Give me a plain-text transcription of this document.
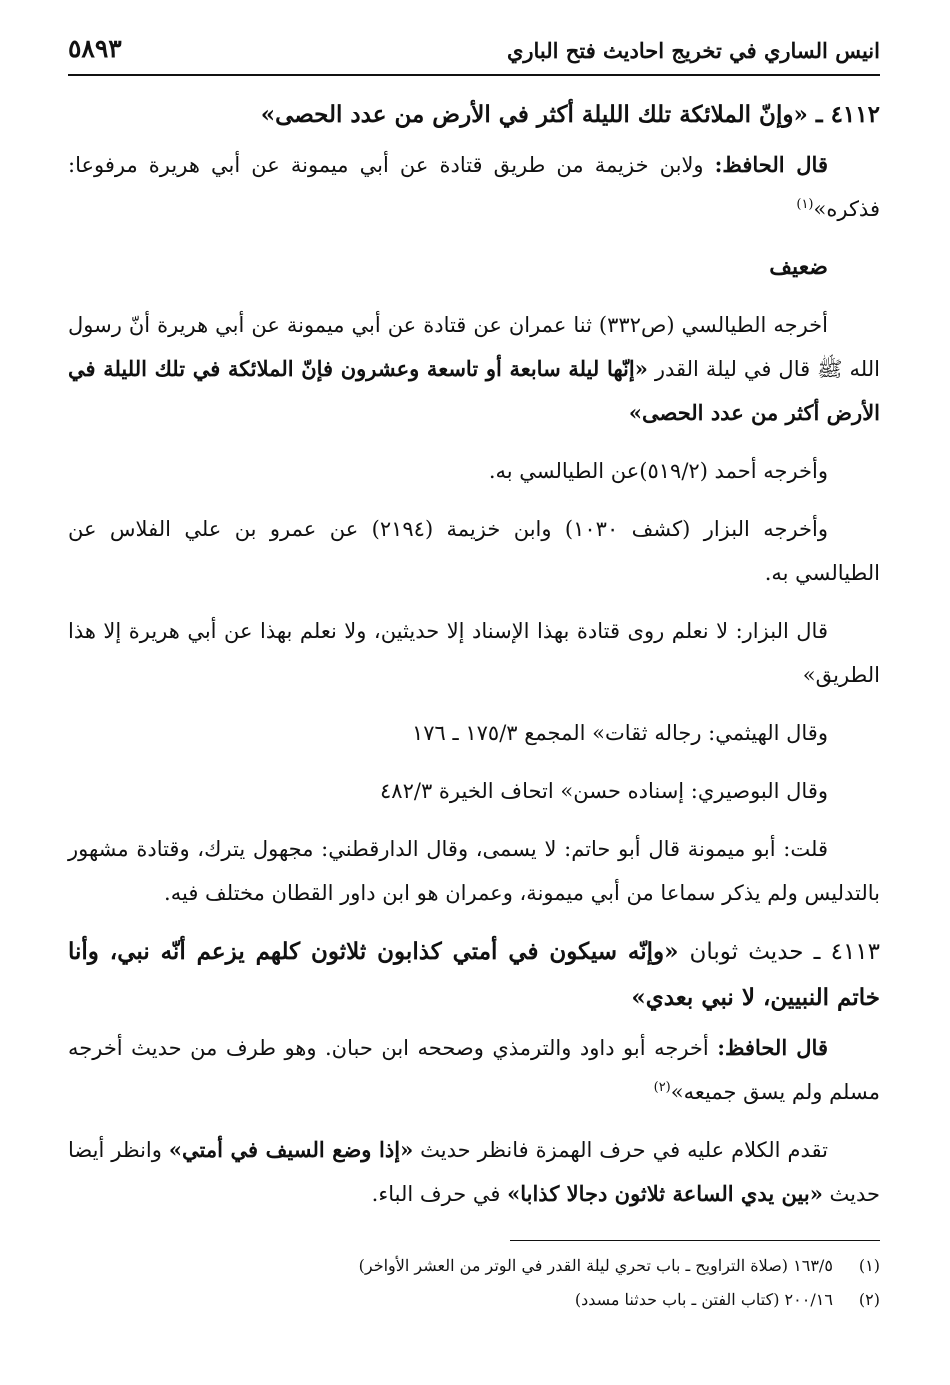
انيس الساري في تخريج احاديث فتح الباري
٥٨٩٣
٤١١٢ ـ «وإنّ الملائكة تلك الليلة أكثر في الأرض من عدد الحصى»

قال الحافظ: ولابن خزيمة من طريق قتادة عن أبي ميمونة عن أبي هريرة مرفوعا: فذكره»$^{(١)}$

ضعيف

أخرجه الطيالسي (ص٣٣٢) ثنا عمران عن قتادة عن أبي ميمونة عن أبي هريرة أنّ رسول الله ﷺ قال في ليلة القدر «إنّها ليلة سابعة أو تاسعة وعشرون فإنّ الملائكة في تلك الليلة في الأرض أكثر من عدد الحصى»

وأخرجه أحمد (٥١٩/٢)عن الطيالسي به.

وأخرجه البزار (كشف ١٠٣٠) وابن خزيمة (٢١٩٤) عن عمرو بن علي الفلاس عن الطيالسي به.

قال البزار: لا نعلم روى قتادة بهذا الإسناد إلا حديثين، ولا نعلم بهذا عن أبي هريرة إلا هذا الطريق»

وقال الهيثمي: رجاله ثقات» المجمع ١٧٥/٣ ـ ١٧٦

وقال البوصيري: إسناده حسن» اتحاف الخيرة ٤٨٢/٣

قلت: أبو ميمونة قال أبو حاتم: لا يسمى، وقال الدارقطني: مجهول يترك، وقتادة مشهور بالتدليس ولم يذكر سماعا من أبي ميمونة، وعمران هو ابن داور القطان مختلف فيه.

٤١١٣ ـ حديث ثوبان «وإنّه سيكون في أمتي كذابون ثلاثون كلهم يزعم أنّه نبي، وأنا خاتم النبيين، لا نبي بعدي»

قال الحافظ: أخرجه أبو داود والترمذي وصححه ابن حبان. وهو طرف من حديث أخرجه مسلم ولم يسق جميعه»$^{(٢)}$

تقدم الكلام عليه في حرف الهمزة فانظر حديث «إذا وضع السيف في أمتي» وانظر أيضا حديث «بين يدي الساعة ثلاثون دجالا كذابا» في حرف الباء.

(١) ١٦٣/٥ (صلاة التراويح ـ باب تحري ليلة القدر في الوتر من العشر الأواخر)
(٢) ٢٠٠/١٦ (كتاب الفتن ـ باب حدثنا مسدد)
